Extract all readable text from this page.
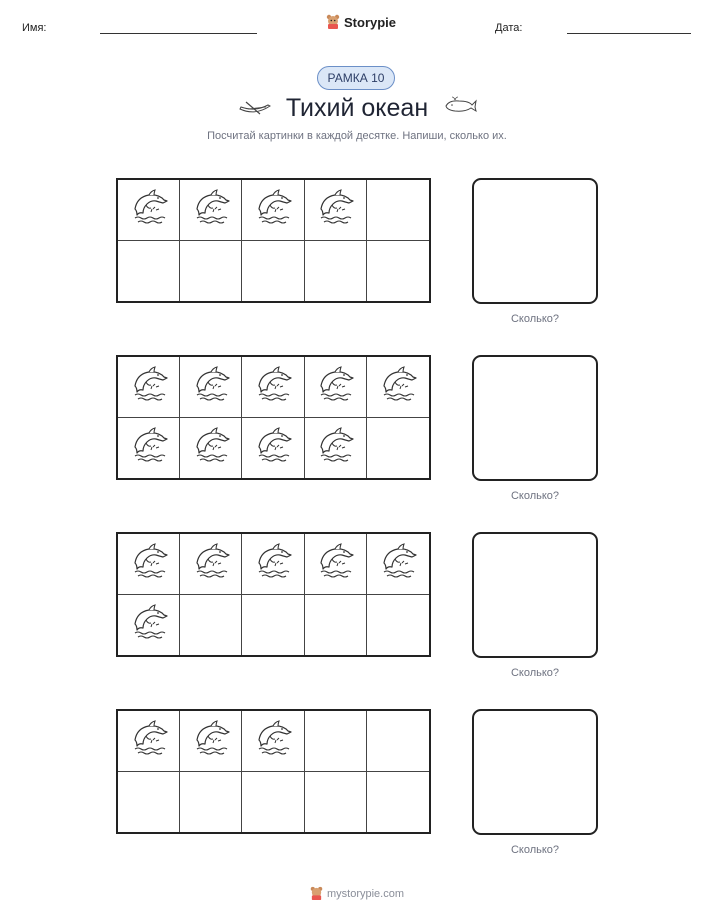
Имя:	Storypie	Дата:
РАМКА 10
Тихий океан
Посчитай картинки в каждой десятке. Напиши, сколько их.
Сколько?
Сколько?
Сколько?
Сколько?
mystorypie.com
